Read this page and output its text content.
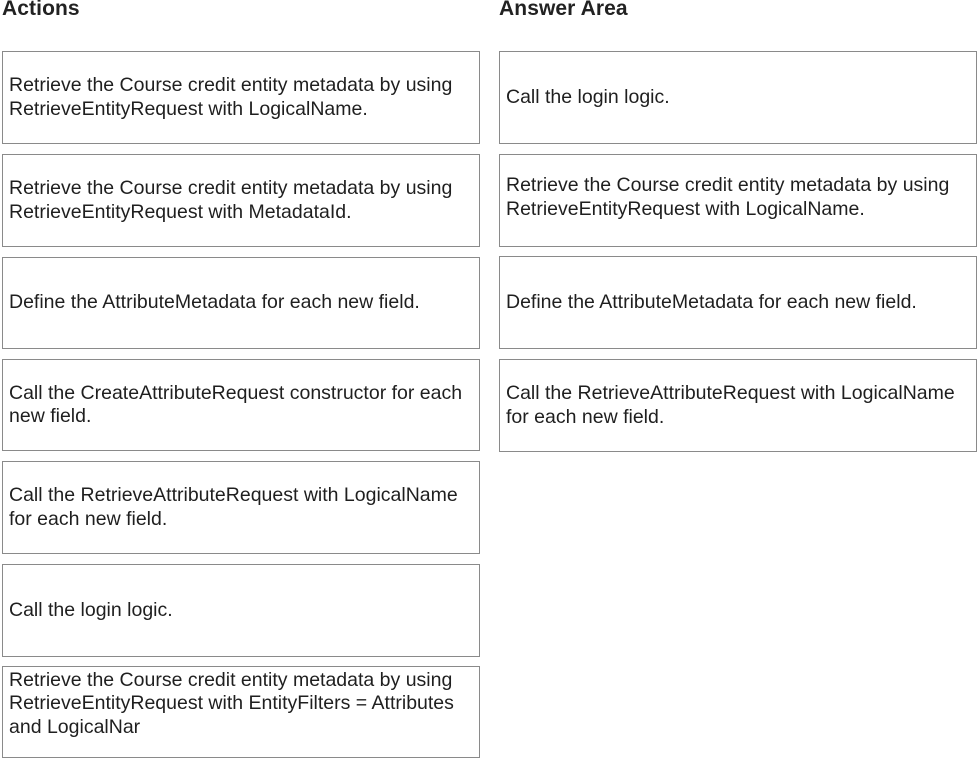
Actions	Answer Area
Retrieve the Course credit entity metadata by using RetrieveEntityRequest with LogicalName.
Retrieve the Course credit entity metadata by using RetrieveEntityRequest with MetadataId.
Define the AttributeMetadata for each new field.
Call the CreateAttributeRequest constructor for each new field.
Call the RetrieveAttributeRequest with LogicalName for each new field.
Call the login logic.
Retrieve the Course credit entity metadata by using RetrieveEntityRequest with EntityFilters = Attributes and LogicalNar
Call the login logic.
Retrieve the Course credit entity metadata by using RetrieveEntityRequest with LogicalName.
Define the AttributeMetadata for each new field.
Call the RetrieveAttributeRequest with LogicalName for each new field.
